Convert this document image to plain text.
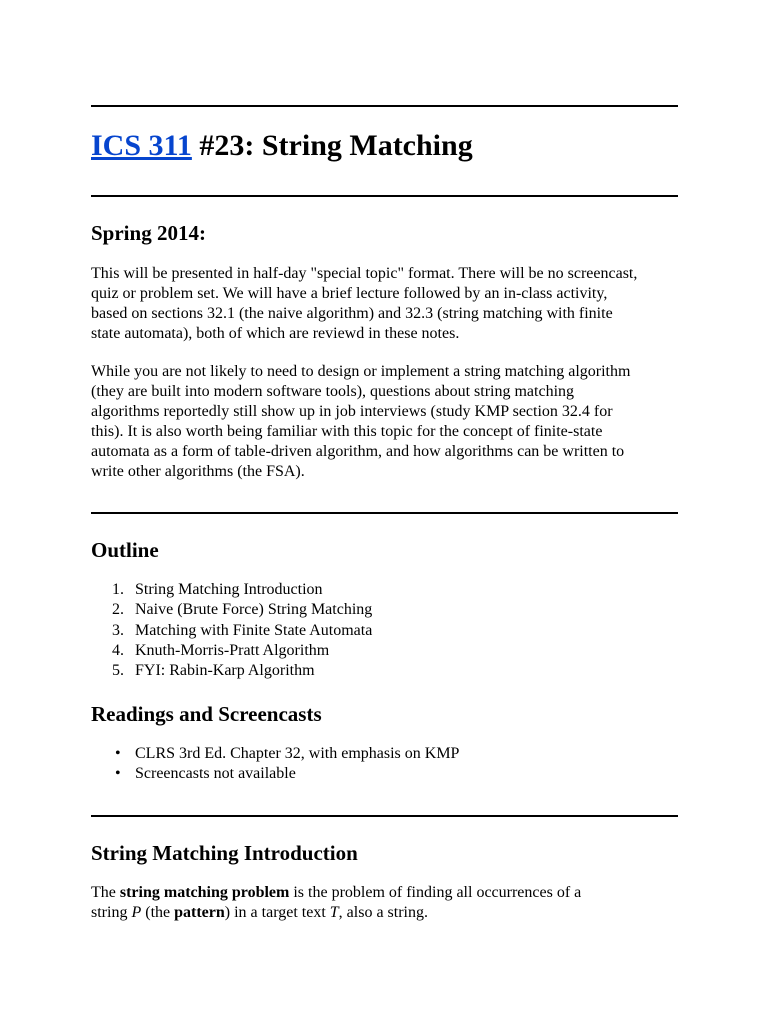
ICS 311 #23: String Matching
Spring 2014:

This will be presented in half-day "special topic" format. There will be no screencast,
quiz or problem set. We will have a brief lecture followed by an in-class activity,
based on sections 32.1 (the naive algorithm) and 32.3 (string matching with finite
state automata), both of which are reviewd in these notes.

While you are not likely to need to design or implement a string matching algorithm
(they are built into modern software tools), questions about string matching
algorithms reportedly still show up in job interviews (study KMP section 32.4 for
this). It is also worth being familiar with this topic for the concept of finite-state
automata as a form of table-driven algorithm, and how algorithms can be written to
write other algorithms (the FSA).

Outline
1. String Matching Introduction
2. Naive (Brute Force) String Matching
3. Matching with Finite State Automata
4. Knuth-Morris-Pratt Algorithm
5. FYI: Rabin-Karp Algorithm
Readings and Screencasts
• CLRS 3rd Ed. Chapter 32, with emphasis on KMP
• Screencasts not available
String Matching Introduction

The string matching problem is the problem of finding all occurrences of a
string P (the pattern) in a target text T, also a string.
